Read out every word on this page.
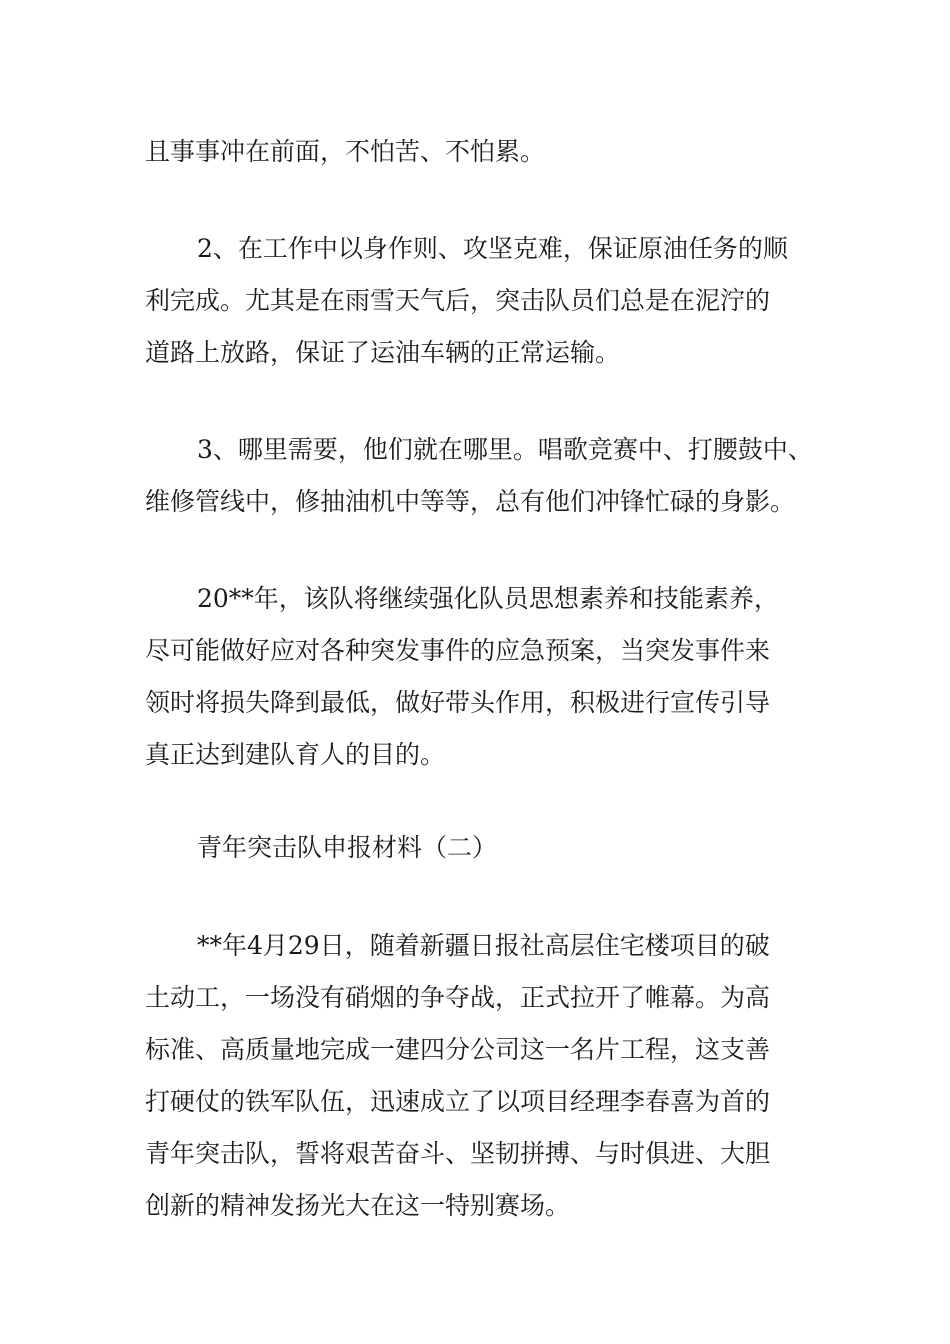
且事事冲在前面，不怕苦、不怕累。

2、在工作中以身作则、攻坚克难，保证原油任务的顺
利完成。尤其是在雨雪天气后，突击队员们总是在泥泞的
道路上放路，保证了运油车辆的正常运输。

3、哪里需要，他们就在哪里。唱歌竞赛中、打腰鼓中、
维修管线中，修抽油机中等等，总有他们冲锋忙碌的身影。

20**年，该队将继续强化队员思想素养和技能素养，
尽可能做好应对各种突发事件的应急预案，当突发事件来
领时将损失降到最低，做好带头作用，积极进行宣传引导
真正达到建队育人的目的。

青年突击队申报材料（二）

**年4月29日，随着新疆日报社高层住宅楼项目的破
土动工，一场没有硝烟的争夺战，正式拉开了帷幕。为高
标准、高质量地完成一建四分公司这一名片工程，这支善
打硬仗的铁军队伍，迅速成立了以项目经理李春喜为首的
青年突击队，誓将艰苦奋斗、坚韧拼搏、与时俱进、大胆
创新的精神发扬光大在这一特别赛场。
